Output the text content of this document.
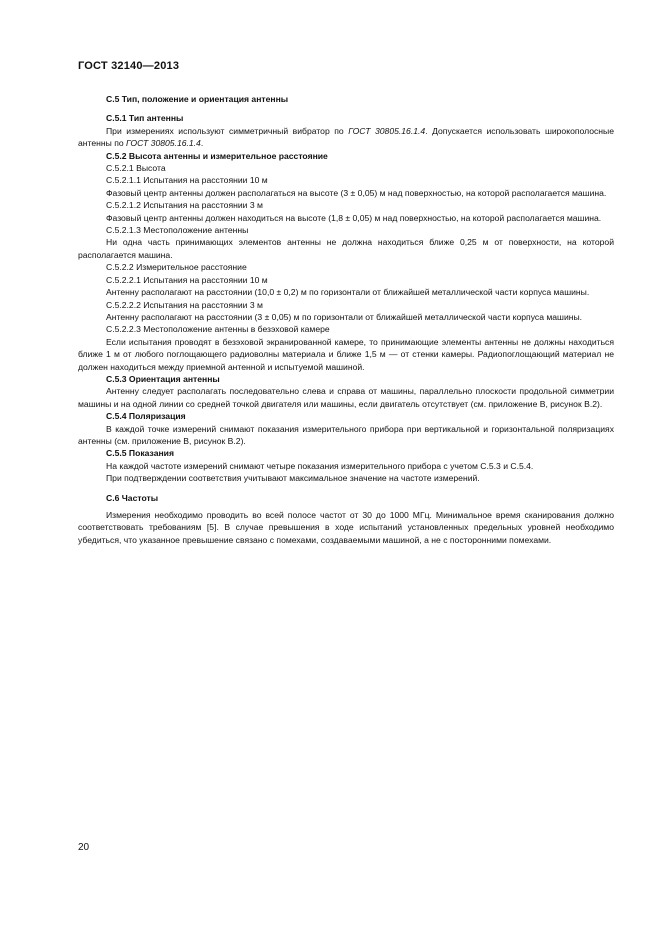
ГОСТ 32140—2013

С.5 Тип, положение и ориентация антенны

С.5.1 Тип антенны

При измерениях используют симметричный вибратор по ГОСТ 30805.16.1.4. Допускается использовать широкополосные антенны по ГОСТ 30805.16.1.4.

С.5.2 Высота антенны и измерительное расстояние

С.5.2.1 Высота

С.5.2.1.1 Испытания на расстоянии 10 м

Фазовый центр антенны должен располагаться на высоте (3 ± 0,05) м над поверхностью, на которой располагается машина.

С.5.2.1.2 Испытания на расстоянии 3 м

Фазовый центр антенны должен находиться на высоте (1,8 ± 0,05) м над поверхностью, на которой располагается машина.

С.5.2.1.3 Местоположение антенны

Ни одна часть принимающих элементов антенны не должна находиться ближе 0,25 м от поверхности, на которой располагается машина.

С.5.2.2 Измерительное расстояние

С.5.2.2.1 Испытания на расстоянии 10 м

Антенну располагают на расстоянии (10,0 ± 0,2) м по горизонтали от ближайшей металлической части корпуса машины.

С.5.2.2.2 Испытания на расстоянии 3 м

Антенну располагают на расстоянии (3 ± 0,05) м по горизонтали от ближайшей металлической части корпуса машины.

С.5.2.2.3 Местоположение антенны в безэховой камере

Если испытания проводят в безэховой экранированной камере, то принимающие элементы антенны не должны находиться ближе 1 м от любого поглощающего радиоволны материала и ближе 1,5 м — от стенки камеры. Радиопоглощающий материал не должен находиться между приемной антенной и испытуемой машиной.

С.5.3 Ориентация антенны

Антенну следует располагать последовательно слева и справа от машины, параллельно плоскости продольной симметрии машины и на одной линии со средней точкой двигателя или машины, если двигатель отсутствует (см. приложение В, рисунок В.2).

С.5.4 Поляризация

В каждой точке измерений снимают показания измерительного прибора при вертикальной и горизонтальной поляризациях антенны (см. приложение В, рисунок В.2).

С.5.5 Показания

На каждой частоте измерений снимают четыре показания измерительного прибора с учетом С.5.3 и С.5.4.

При подтверждении соответствия учитывают максимальное значение на частоте измерений.

С.6 Частоты

Измерения необходимо проводить во всей полосе частот от 30 до 1000 МГц. Минимальное время сканирования должно соответствовать требованиям [5]. В случае превышения в ходе испытаний установленных предельных уровней необходимо убедиться, что указанное превышение связано с помехами, создаваемыми машиной, а не с посторонними помехами.

20
